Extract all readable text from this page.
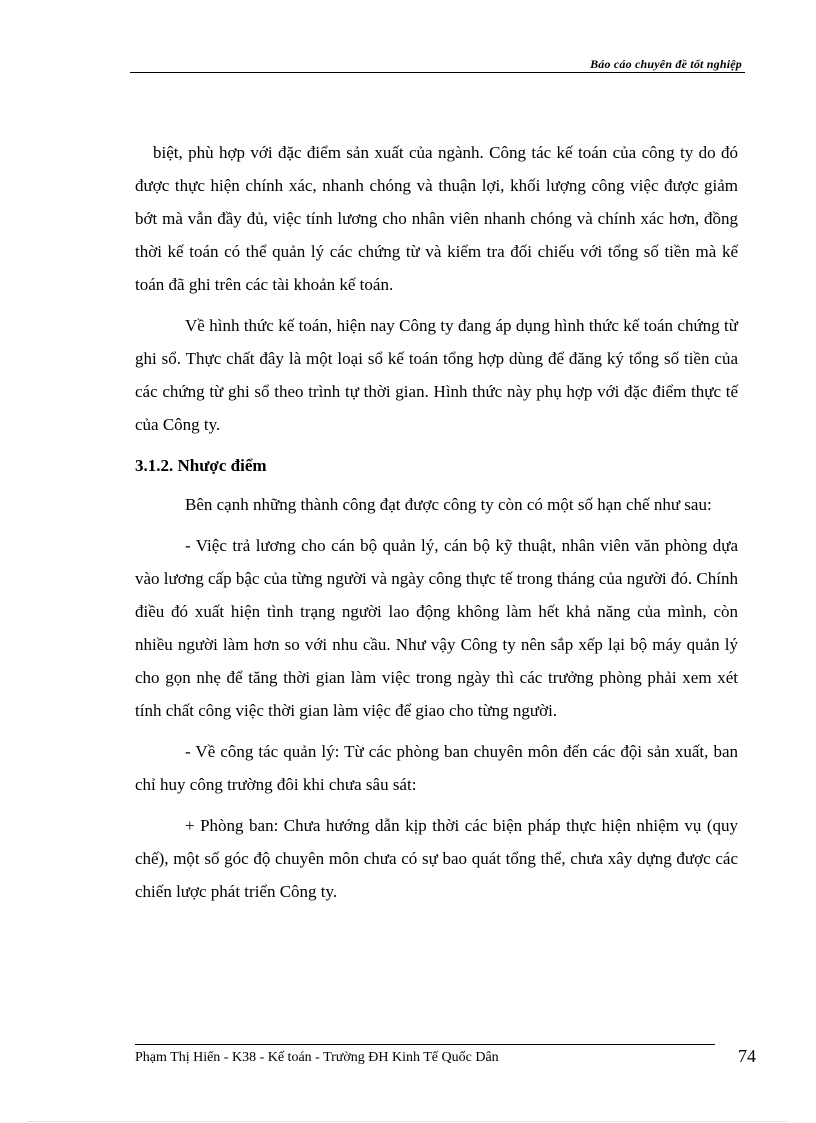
Báo cáo chuyên đề tốt nghiệp

biệt, phù hợp với đặc điểm sản xuất của ngành. Công tác kế toán của công ty do đó được thực hiện chính xác, nhanh chóng và thuận lợi, khối lượng công việc được giảm bớt mà vẫn đầy đủ, việc tính lương cho nhân viên nhanh chóng và chính xác hơn, đồng thời kế toán có thể quản lý các chứng từ và kiểm tra đối chiếu với tổng số tiền mà kế toán đã ghi trên các tài khoản kế toán.

Về hình thức kế toán, hiện nay Công ty đang áp dụng hình thức kế toán chứng từ ghi sổ. Thực chất đây là một loại sổ kế toán tổng hợp dùng để đăng ký tổng số tiền của các chứng từ ghi sổ theo trình tự thời gian. Hình thức này phụ hợp với đặc điểm thực tế của Công ty.

3.1.2. Nhược điểm

Bên cạnh những thành công đạt được công ty còn có một số hạn chế như sau:

- Việc trả lương cho cán bộ quản lý, cán bộ kỹ thuật, nhân viên văn phòng dựa vào lương cấp bậc của từng người và ngày công thực tế trong tháng của người đó. Chính điều đó xuất hiện tình trạng người lao động không làm hết khả năng của mình, còn nhiều người làm hơn so với nhu cầu. Như vậy Công ty nên sắp xếp lại bộ máy quản lý cho gọn nhẹ để tăng thời gian làm việc trong ngày thì các trưởng phòng phải xem xét tính chất công việc thời gian làm việc để giao cho từng người.

- Về công tác quản lý: Từ các phòng ban chuyên môn đến các đội sản xuất, ban chỉ huy công trường đôi khi chưa sâu sát:

+ Phòng ban: Chưa hướng dẫn kịp thời các biện pháp thực hiện nhiệm vụ (quy chế), một số góc độ chuyên môn chưa có sự bao quát tổng thể, chưa xây dựng được các chiến lược phát triển Công ty.

Phạm Thị Hiển - K38 - Kế toán - Trường ĐH Kinh Tế Quốc Dân	74
